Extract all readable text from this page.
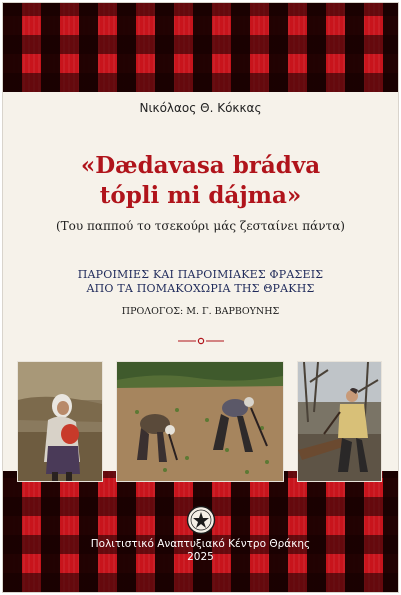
Νικόλαος Θ. Κόκκας
«Dædavasa brádva
tópli mi dájma»
(Του παππού το τσεκούρι μάς ζεσταίνει πάντα)
ΠΑΡΟΙΜΙΕΣ ΚΑΙ ΠΑΡΟΙΜΙΑΚΕΣ ΦΡΑΣΕΙΣ
ΑΠΟ ΤΑ ΠΟΜΑΚΟΧΩΡΙΑ ΤΗΣ ΘΡΑΚΗΣ
ΠΡΟΛΟΓΟΣ: Μ. Γ. ΒΑΡΒΟΥΝΗΣ
Πολιτιστικό Αναπτυξιακό Κέντρο Θράκης
2025
